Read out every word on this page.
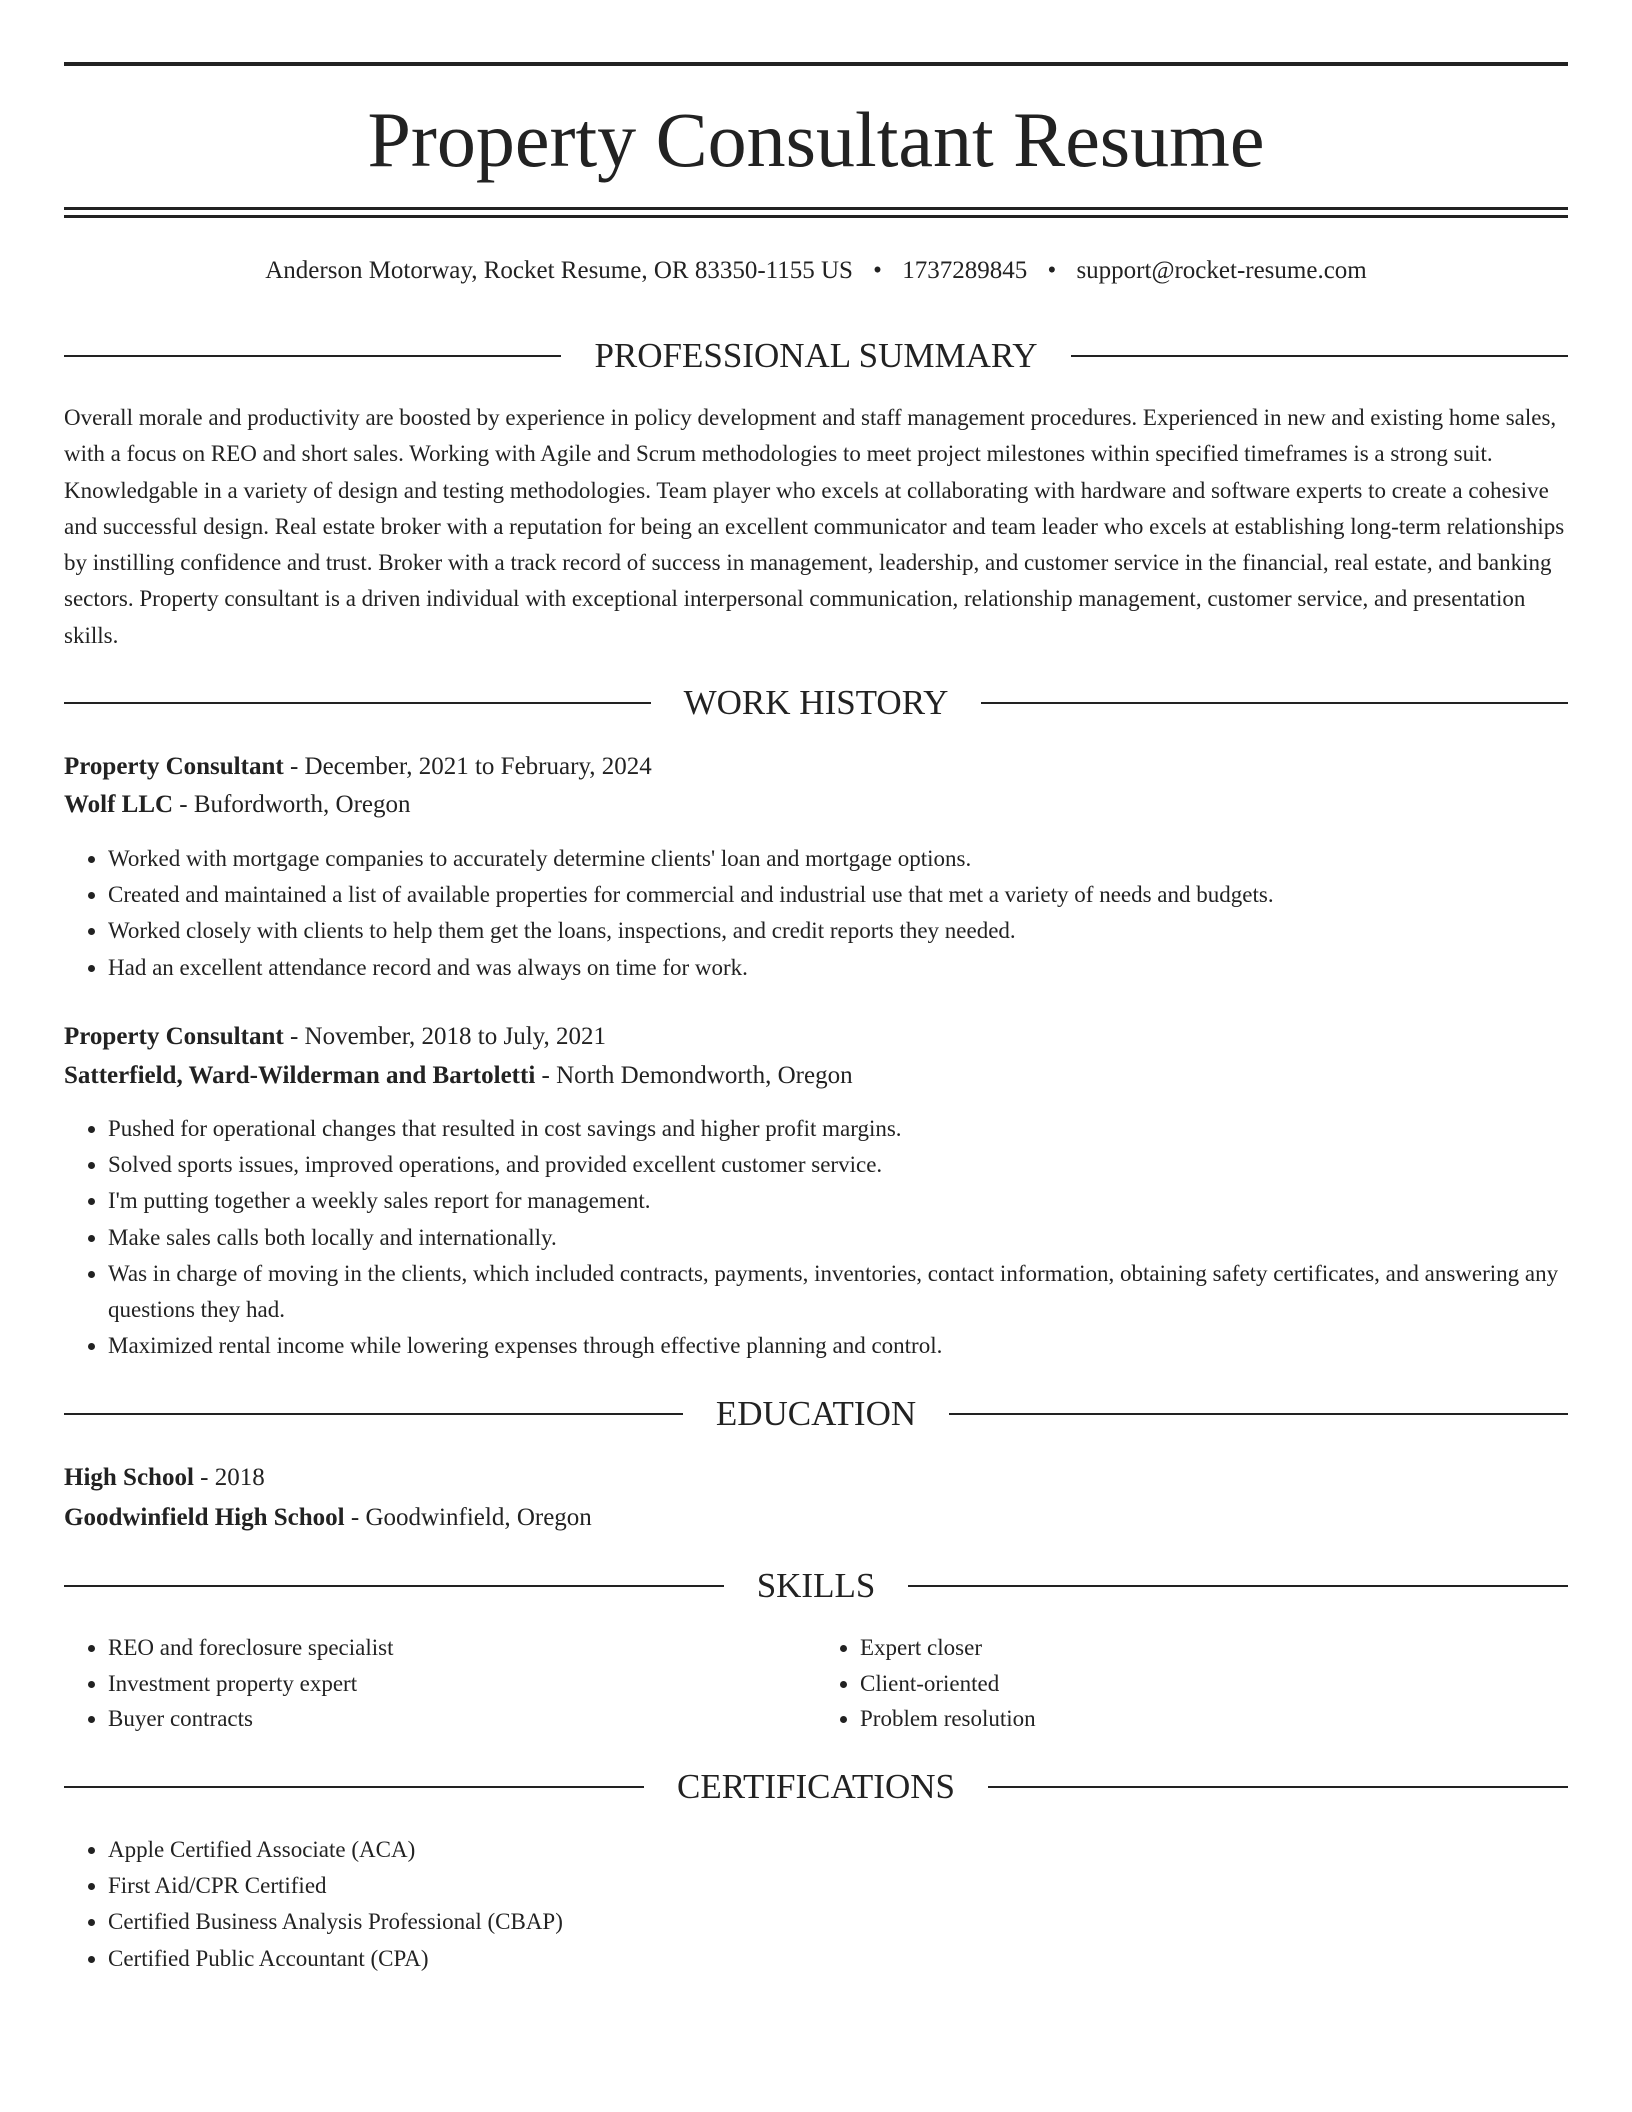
Property Consultant Resume
Anderson Motorway, Rocket Resume, OR 83350-1155 US • 1737289845 • support@rocket-resume.com
PROFESSIONAL SUMMARY

Overall morale and productivity are boosted by experience in policy development and staff management procedures. Experienced in new and existing home sales, with a focus on REO and short sales. Working with Agile and Scrum methodologies to meet project milestones within specified timeframes is a strong suit. Knowledgable in a variety of design and testing methodologies. Team player who excels at collaborating with hardware and software experts to create a cohesive and successful design. Real estate broker with a reputation for being an excellent communicator and team leader who excels at establishing long-term relationships by instilling confidence and trust. Broker with a track record of success in management, leadership, and customer service in the financial, real estate, and banking sectors. Property consultant is a driven individual with exceptional interpersonal communication, relationship management, customer service, and presentation skills.

WORK HISTORY
Property Consultant - December, 2021 to February, 2024
Wolf LLC - Bufordworth, Oregon
• Worked with mortgage companies to accurately determine clients' loan and mortgage options.
• Created and maintained a list of available properties for commercial and industrial use that met a variety of needs and budgets.
• Worked closely with clients to help them get the loans, inspections, and credit reports they needed.
• Had an excellent attendance record and was always on time for work.
Property Consultant - November, 2018 to July, 2021
Satterfield, Ward-Wilderman and Bartoletti - North Demondworth, Oregon
• Pushed for operational changes that resulted in cost savings and higher profit margins.
• Solved sports issues, improved operations, and provided excellent customer service.
• I'm putting together a weekly sales report for management.
• Make sales calls both locally and internationally.
• Was in charge of moving in the clients, which included contracts, payments, inventories, contact information, obtaining safety certificates, and answering any questions they had.
• Maximized rental income while lowering expenses through effective planning and control.
EDUCATION
High School - 2018
Goodwinfield High School - Goodwinfield, Oregon
SKILLS
• REO and foreclosure specialist
• Investment property expert
• Buyer contracts
• Expert closer
• Client-oriented
• Problem resolution
CERTIFICATIONS
• Apple Certified Associate (ACA)
• First Aid/CPR Certified
• Certified Business Analysis Professional (CBAP)
• Certified Public Accountant (CPA)
